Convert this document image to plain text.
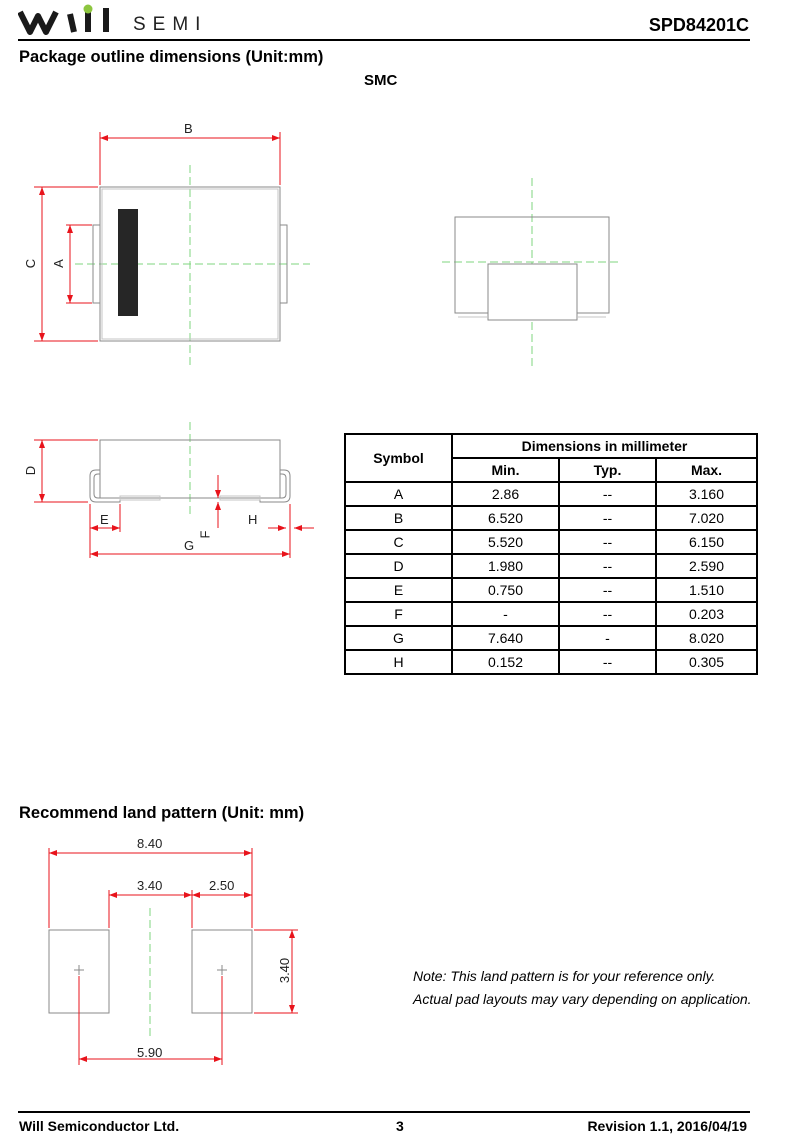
SEMI	SPD84201C
Package outline dimensions (Unit:mm)
SMC
B
C A
D
E
F
H
G
Symbol	Dimensions in millimeter		
	Min.	Typ.	Max.
A	2.86	--	3.160
B	6.520	--	7.020
C	5.520	--	6.150
D	1.980	--	2.590
E	0.750	--	1.510
F	-	--	0.203
G	7.640	-	8.020
H	0.152	--	0.305
Recommend land pattern (Unit: mm)
8.40
3.40	2.50
3.40
5.90
Note: This land pattern is for your reference only.
Actual pad layouts may vary depending on application.
Will Semiconductor Ltd.	3	Revision 1.1, 2016/04/19
